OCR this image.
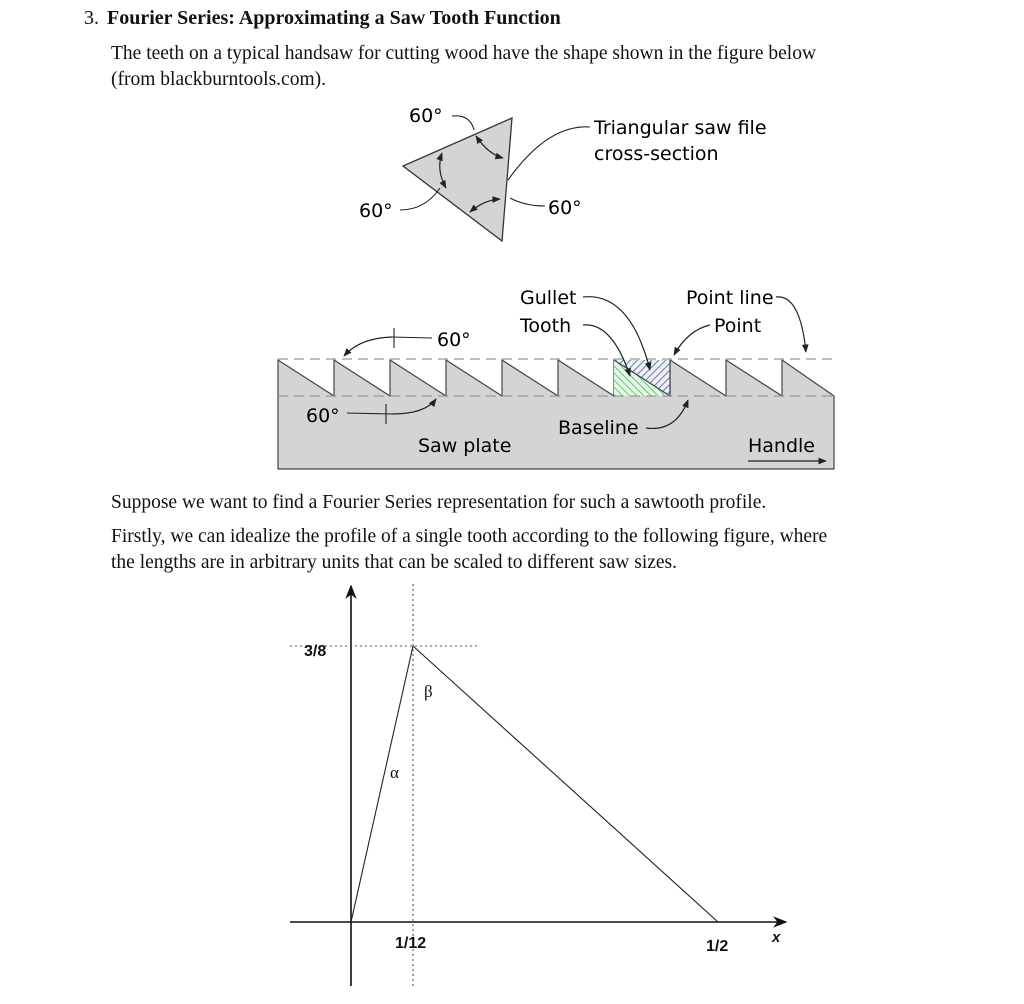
3. Fourier Series: Approximating a Saw Tooth Function
The teeth on a typical handsaw for cutting wood have the shape shown in the figure below
(from blackburntools.com).
60°
60°	60°
Triangular saw file
cross-section
Gullet
Tooth
Point line
Point
60°
60°
Baseline
Saw plate	Handle
Suppose we want to find a Fourier Series representation for such a sawtooth profile.
Firstly, we can idealize the profile of a single tooth according to the following figure, where
the lengths are in arbitrary units that can be scaled to different saw sizes.
3/8
1/12	1/2
x
α
β
